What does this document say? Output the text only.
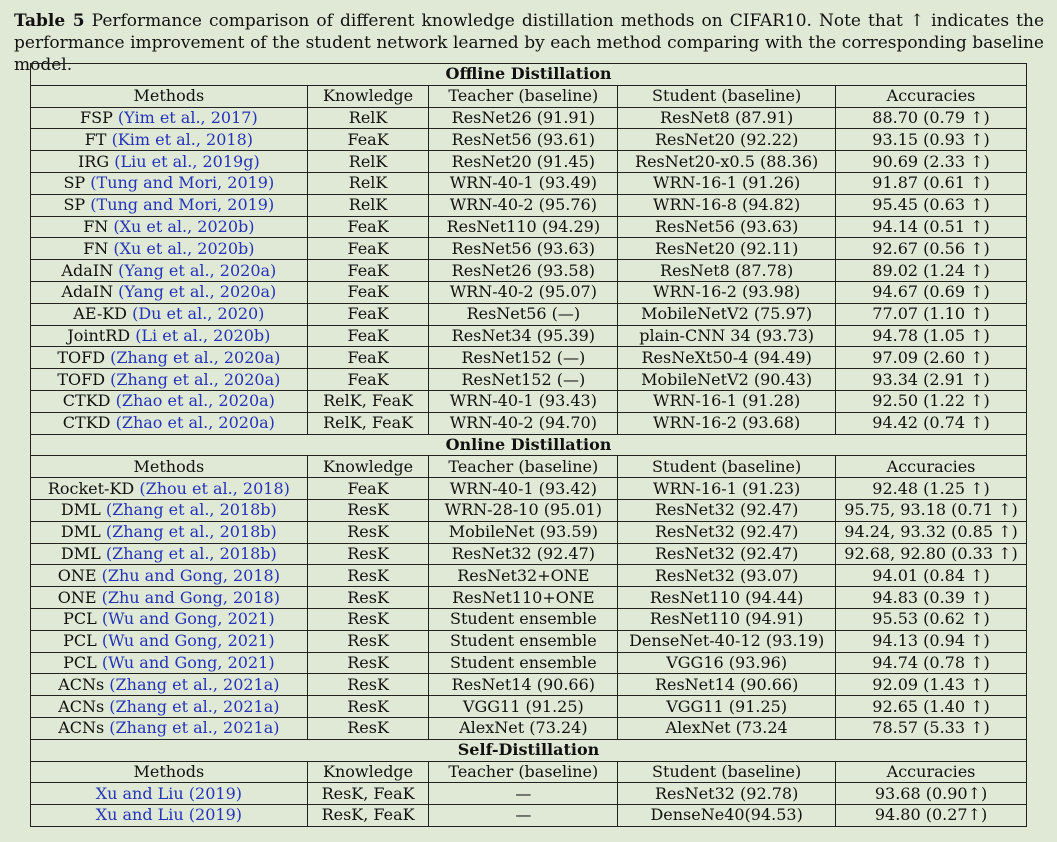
Table 5 Performance comparison of different knowledge distillation methods on CIFAR10. Note that ↑ indicates the performance improvement of the student network learned by each method comparing with the corresponding baseline model.	Offline Distillation				
Methods	Knowledge	Teacher (baseline)	Student (baseline)	Accuracies
FSP (Yim et al., 2017)	RelK	ResNet26 (91.91)	ResNet8 (87.91)	88.70 (0.79 ↑)
FT (Kim et al., 2018)	FeaK	ResNet56 (93.61)	ResNet20 (92.22)	93.15 (0.93 ↑)
IRG (Liu et al., 2019g)	RelK	ResNet20 (91.45)	ResNet20-x0.5 (88.36)	90.69 (2.33 ↑)
SP (Tung and Mori, 2019)	RelK	WRN-40-1 (93.49)	WRN-16-1 (91.26)	91.87 (0.61 ↑)
SP (Tung and Mori, 2019)	RelK	WRN-40-2 (95.76)	WRN-16-8 (94.82)	95.45 (0.63 ↑)
FN (Xu et al., 2020b)	FeaK	ResNet110 (94.29)	ResNet56 (93.63)	94.14 (0.51 ↑)
FN (Xu et al., 2020b)	FeaK	ResNet56 (93.63)	ResNet20 (92.11)	92.67 (0.56 ↑)
AdaIN (Yang et al., 2020a)	FeaK	ResNet26 (93.58)	ResNet8 (87.78)	89.02 (1.24 ↑)
AdaIN (Yang et al., 2020a)	FeaK	WRN-40-2 (95.07)	WRN-16-2 (93.98)	94.67 (0.69 ↑)
AE-KD (Du et al., 2020)	FeaK	ResNet56 (—)	MobileNetV2 (75.97)	77.07 (1.10 ↑)
JointRD (Li et al., 2020b)	FeaK	ResNet34 (95.39)	plain-CNN 34 (93.73)	94.78 (1.05 ↑)
TOFD (Zhang et al., 2020a)	FeaK	ResNet152 (—)	ResNeXt50-4 (94.49)	97.09 (2.60 ↑)
TOFD (Zhang et al., 2020a)	FeaK	ResNet152 (—)	MobileNetV2 (90.43)	93.34 (2.91 ↑)
CTKD (Zhao et al., 2020a)	RelK, FeaK	WRN-40-1 (93.43)	WRN-16-1 (91.28)	92.50 (1.22 ↑)
CTKD (Zhao et al., 2020a)	RelK, FeaK	WRN-40-2 (94.70)	WRN-16-2 (93.68)	94.42 (0.74 ↑)
Online Distillation				
Methods	Knowledge	Teacher (baseline)	Student (baseline)	Accuracies
Rocket-KD (Zhou et al., 2018)	FeaK	WRN-40-1 (93.42)	WRN-16-1 (91.23)	92.48 (1.25 ↑)
DML (Zhang et al., 2018b)	ResK	WRN-28-10 (95.01)	ResNet32 (92.47)	95.75, 93.18 (0.71 ↑)
DML (Zhang et al., 2018b)	ResK	MobileNet (93.59)	ResNet32 (92.47)	94.24, 93.32 (0.85 ↑)
DML (Zhang et al., 2018b)	ResK	ResNet32 (92.47)	ResNet32 (92.47)	92.68, 92.80 (0.33 ↑)
ONE (Zhu and Gong, 2018)	ResK	ResNet32+ONE	ResNet32 (93.07)	94.01 (0.84 ↑)
ONE (Zhu and Gong, 2018)	ResK	ResNet110+ONE	ResNet110 (94.44)	94.83 (0.39 ↑)
PCL (Wu and Gong, 2021)	ResK	Student ensemble	ResNet110 (94.91)	95.53 (0.62 ↑)
PCL (Wu and Gong, 2021)	ResK	Student ensemble	DenseNet-40-12 (93.19)	94.13 (0.94 ↑)
PCL (Wu and Gong, 2021)	ResK	Student ensemble	VGG16 (93.96)	94.74 (0.78 ↑)
ACNs (Zhang et al., 2021a)	ResK	ResNet14 (90.66)	ResNet14 (90.66)	92.09 (1.43 ↑)
ACNs (Zhang et al., 2021a)	ResK	VGG11 (91.25)	VGG11 (91.25)	92.65 (1.40 ↑)
ACNs (Zhang et al., 2021a)	ResK	AlexNet (73.24)	AlexNet (73.24	78.57 (5.33 ↑)
Self-Distillation				
Methods	Knowledge	Teacher (baseline)	Student (baseline)	Accuracies
Xu and Liu (2019)	ResK, FeaK	—	ResNet32 (92.78)	93.68 (0.90↑)
Xu and Liu (2019)	ResK, FeaK	—	DenseNe40(94.53)	94.80 (0.27↑)
